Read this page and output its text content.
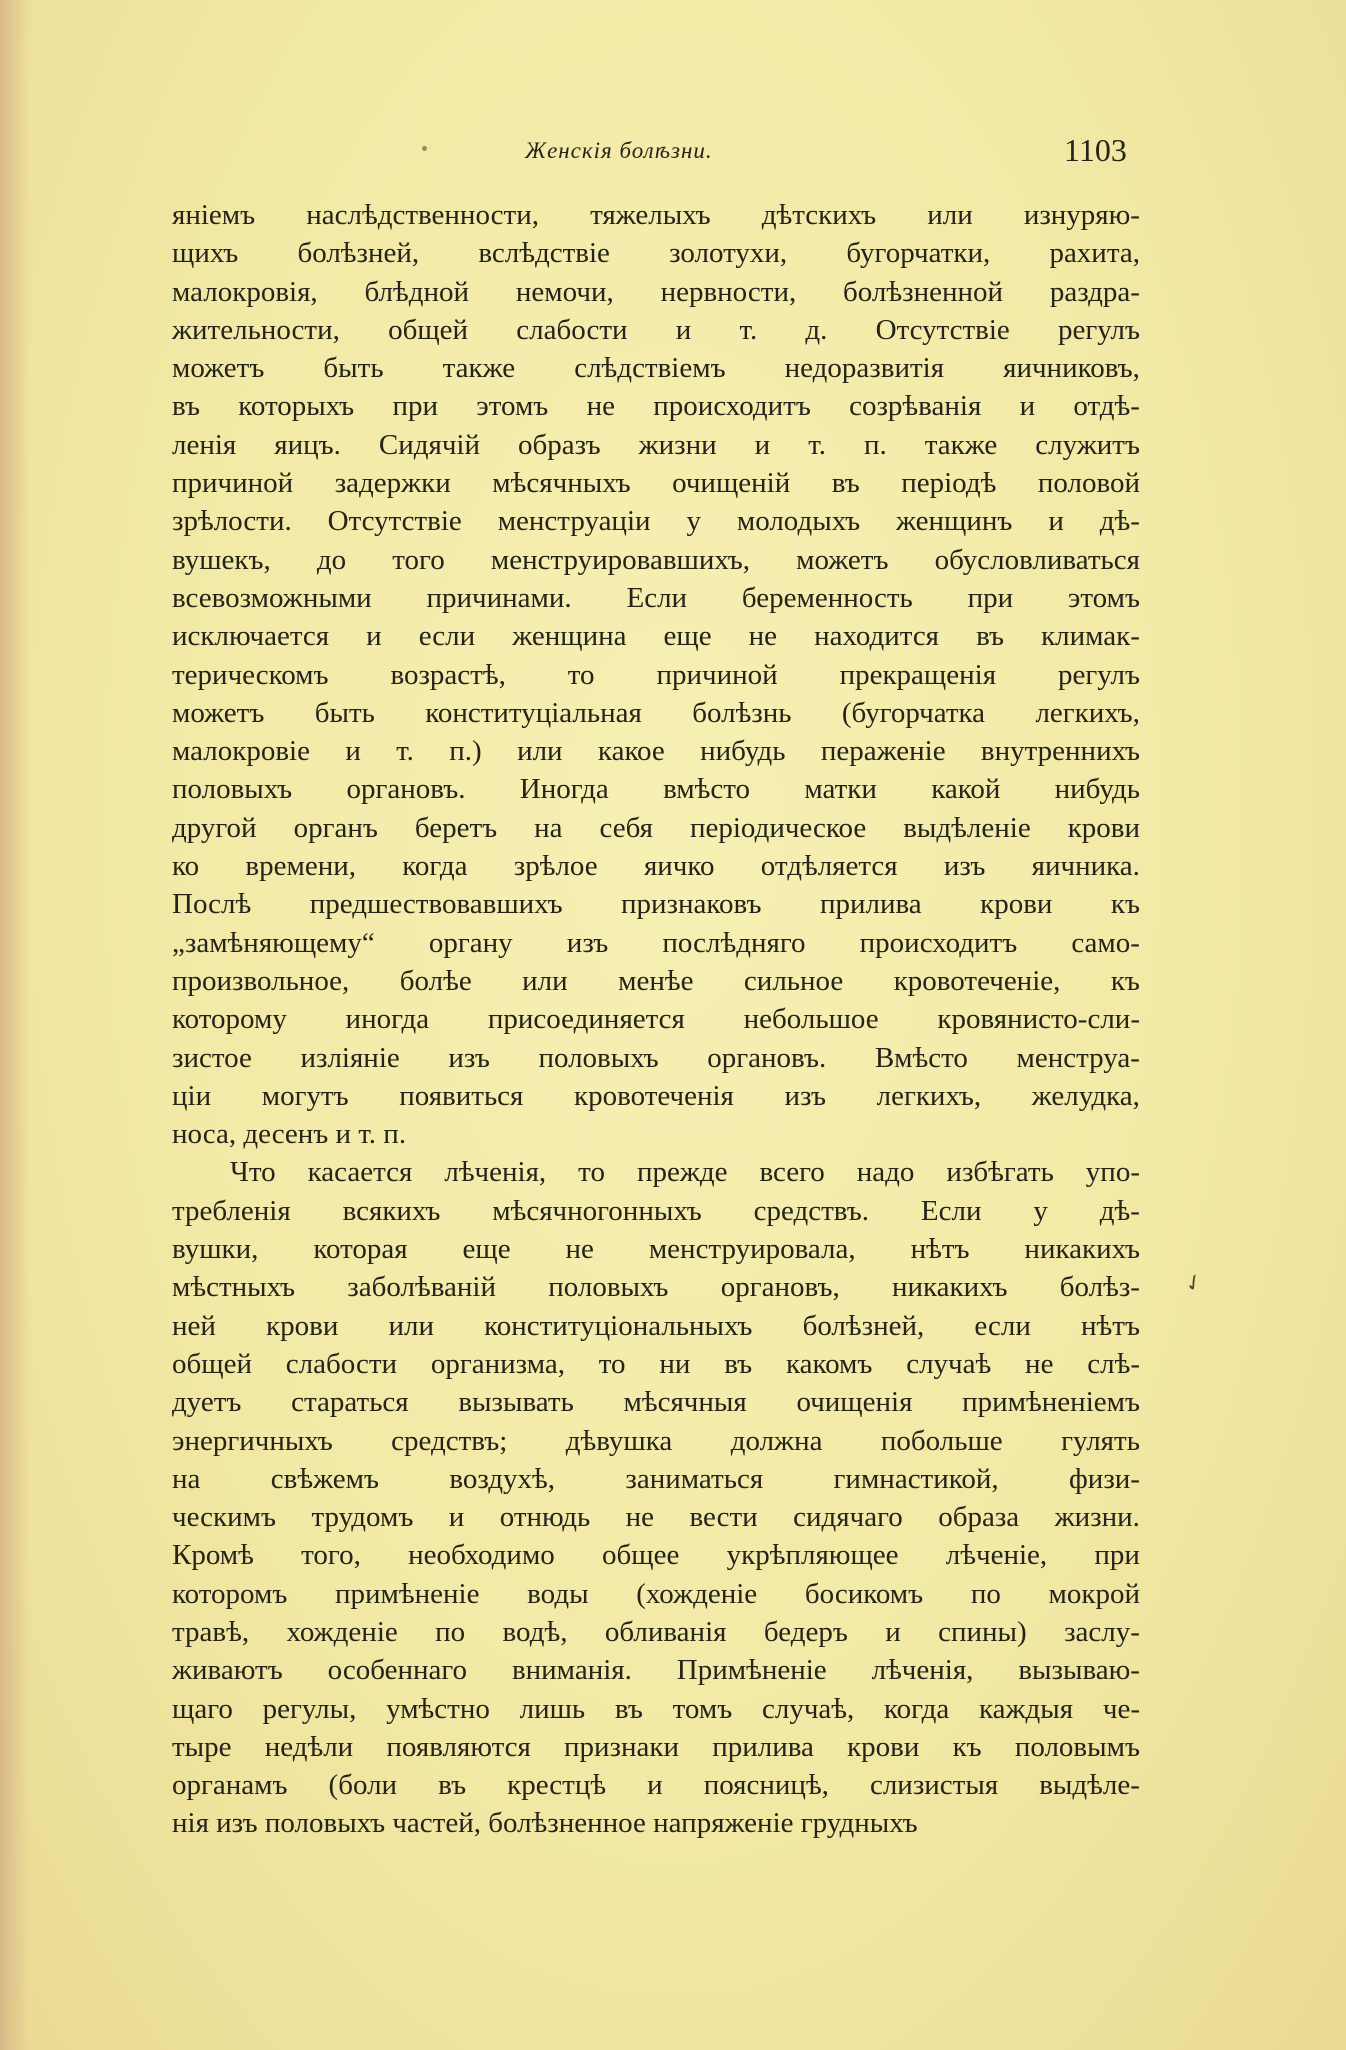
Женскія болѣзни.	1103
яніемъ наслѣдственности, тяжелыхъ дѣтскихъ или изнуряю-
щихъ болѣзней, вслѣдствіе золотухи, бугорчатки, рахита,
малокровія, блѣдной немочи, нервности, болѣзненной раздра-
жительности, общей слабости и т. д. Отсутствіе регулъ
можетъ быть также слѣдствіемъ недоразвитія яичниковъ,
въ которыхъ при этомъ не происходитъ созрѣванія и отдѣ-
ленія яицъ. Сидячій образъ жизни и т. п. также служитъ
причиной задержки мѣсячныхъ очищеній въ періодѣ половой
зрѣлости. Отсутствіе менструаціи у молодыхъ женщинъ и дѣ-
вушекъ, до того менструировавшихъ, можетъ обусловливаться
всевозможными причинами. Если беременность при этомъ
исключается и если женщина еще не находится въ климак-
терическомъ возрастѣ, то причиной прекращенія регулъ
можетъ быть конституціальная болѣзнь (бугорчатка легкихъ,
малокровіе и т. п.) или какое нибудь пераженіе внутреннихъ
половыхъ органовъ. Иногда вмѣсто матки какой нибудь
другой органъ беретъ на себя періодическое выдѣленіе крови
ко времени, когда зрѣлое яичко отдѣляется изъ яичника.
Послѣ предшествовавшихъ признаковъ прилива крови къ
„замѣняющему“ органу изъ послѣдняго происходитъ само-
произвольное, болѣе или менѣе сильное кровотеченіе, къ
которому иногда присоединяется небольшое кровянисто-сли-
зистое изліяніе изъ половыхъ органовъ. Вмѣсто менструа-
ціи могутъ появиться кровотеченія изъ легкихъ, желудка,
носа, десенъ и т. п.
Что касается лѣченія, то прежде всего надо избѣгать упо-
требленія всякихъ мѣсячногонныхъ средствъ. Если у дѣ-
вушки, которая еще не менструировала, нѣтъ никакихъ
мѣстныхъ заболѣваній половыхъ органовъ, никакихъ болѣз-
ней крови или конституціональныхъ болѣзней, если нѣтъ
общей слабости организма, то ни въ какомъ случаѣ не слѣ-
дуетъ стараться вызывать мѣсячныя очищенія примѣненіемъ
энергичныхъ средствъ; дѣвушка должна побольше гулять
на свѣжемъ воздухѣ, заниматься гимнастикой, физи-
ческимъ трудомъ и отнюдь не вести сидячаго образа жизни.
Кромѣ того, необходимо общее укрѣпляющее лѣченіе, при
которомъ примѣненіе воды (хожденіе босикомъ по мокрой
травѣ, хожденіе по водѣ, обливанія бедеръ и спины) заслу-
живаютъ особеннаго вниманія. Примѣненіе лѣченія, вызываю-
щаго регулы, умѣстно лишь въ томъ случаѣ, когда каждыя че-
тыре недѣли появляются признаки прилива крови къ половымъ
органамъ (боли въ крестцѣ и поясницѣ, слизистыя выдѣле-
нія изъ половыхъ частей, болѣзненное напряженіе грудныхъ
✓
